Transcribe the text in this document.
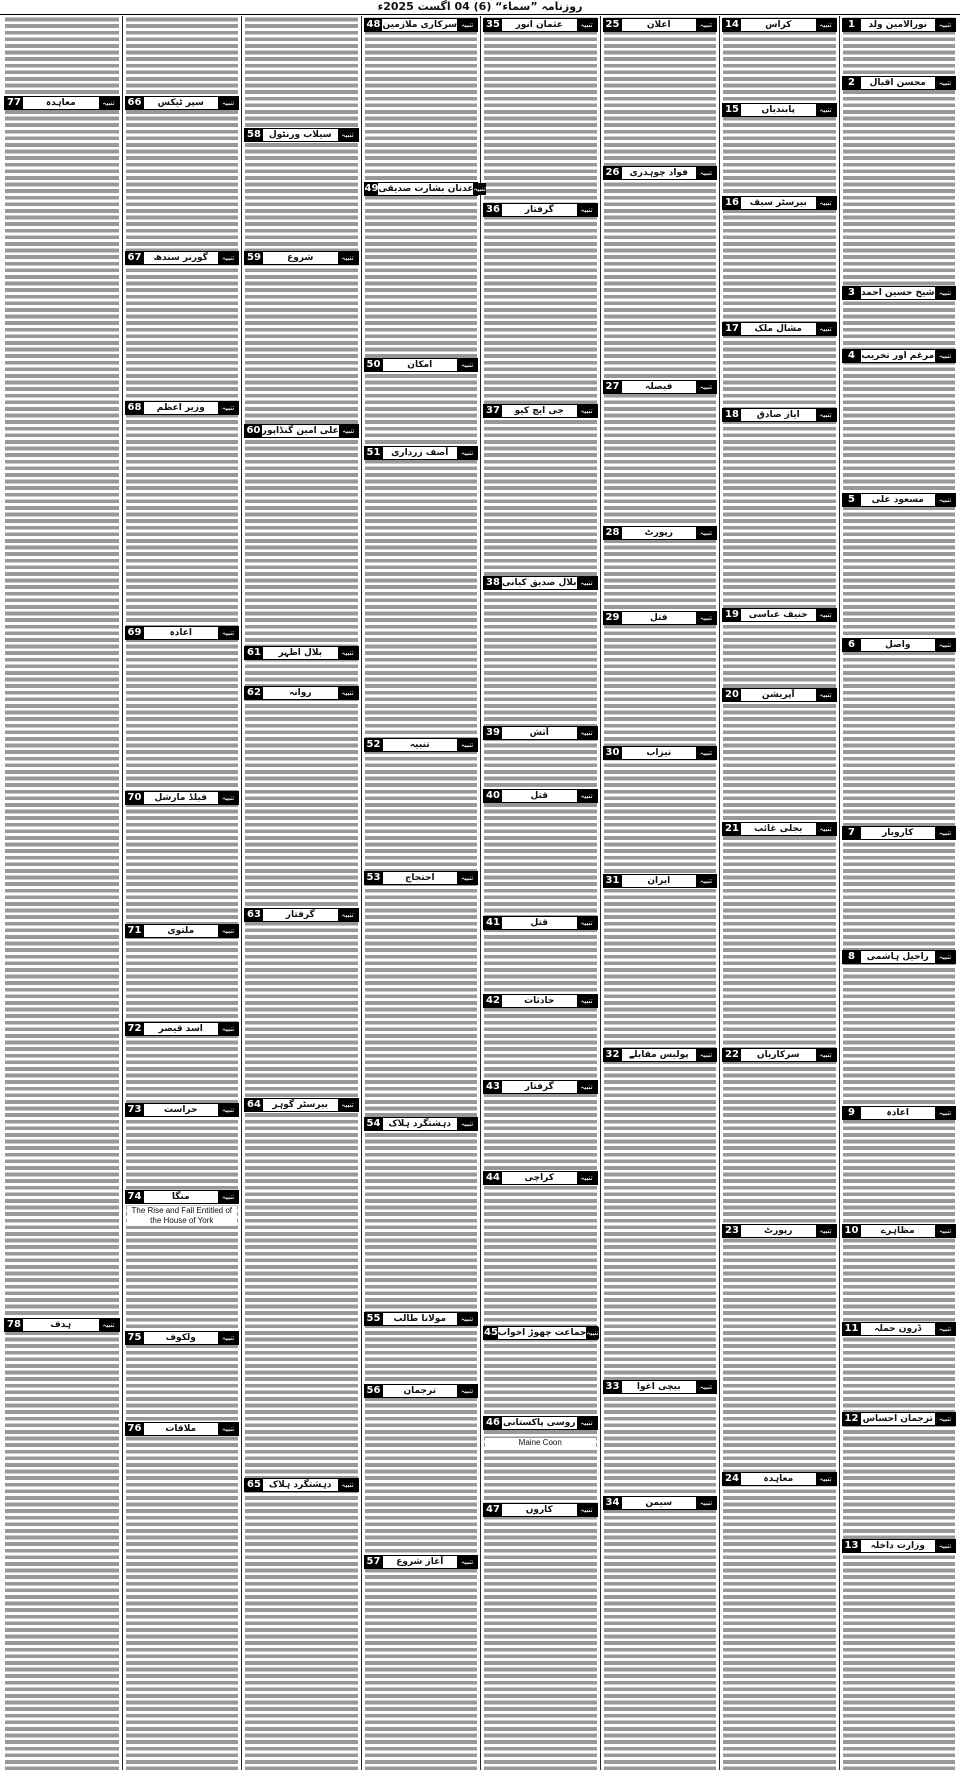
روزنامہ ”سماء“ (6) 04 اگست 2025ء
1	نورالامین ولد	تنبیہ
2	محسن اقبال	تنبیہ
3 شیخ حسین احمد تنبیہ
4 مرغم اور تخریب تنبیہ
5	مسعود علی	تنبیہ
6	واصل	تنبیہ
7	کاروبار	تنبیہ
8	راحیل ہاشمی	تنبیہ
9	اعادہ	تنبیہ
10	مظاہرے	تنبیہ
11	ڈرون حملہ	تنبیہ
12 ترجمان احساس تنبیہ
13	وزارت داخلہ	تنبیہ
14	کراس	تنبیہ
15	پابندیاں	تنبیہ
16	بیرسٹر سیف	تنبیہ
17	مشال ملک	تنبیہ
18	ایاز صادق	تنبیہ
19	حنیف عباسی	تنبیہ
20	آپریشن	تنبیہ
21	بجلی غائب	تنبیہ
22	سرکاریاں	تنبیہ
23	رپورٹ	تنبیہ
24	معاہدہ	تنبیہ
25	اعلان	تنبیہ
26	فواد چوہدری	تنبیہ
27	فیصلہ	تنبیہ
28	رپورٹ	تنبیہ
29	قتل	تنبیہ
30	تیزاب	تنبیہ
31	ایران	تنبیہ
32	پولیس مقابلے	تنبیہ
33	بیچی اغوا	تنبیہ
34	سیمن	تنبیہ
35	عثمان انور	تنبیہ
36	گرفتار	تنبیہ
37	جی ایچ کیو	تنبیہ
38 بلال صدیق کیانی تنبیہ
39	آتش	تنبیہ
40	قتل	تنبیہ
41	قتل	تنبیہ
42	حادثات	تنبیہ
43	گرفتار	تنبیہ
44	کراچی	تنبیہ
45 جماعت چھوڑ اخواب تنبیہ
46 روسی پاکستانی تنبیہ
47	کاروں	تنبیہ
Maine Coon
48 سرکاری ملازمین تنبیہ
49 عدنان بشارت صدیقی تنبیہ
50	امکان	تنبیہ
51	آصف زرداری	تنبیہ
52	تنبیہ	تنبیہ
53	احتجاج	تنبیہ
54 دہشتگرد ہلاک	تنبیہ
55	مولانا طالب	تنبیہ
56	ترجمان	تنبیہ
57	آغاز شروع	تنبیہ
58 سیلاب ورنٹول	تنبیہ
59	شروع	تنبیہ
60 علی امین گنڈاپور تنبیہ
61	بلال اظہر	تنبیہ
62	روانہ	تنبیہ
63	گرفتار	تنبیہ
64	بیرسٹر گوہر	تنبیہ
65 دہشتگرد ہلاک	تنبیہ
66	سپر ٹیکس	تنبیہ
67	گورنر سندھ	تنبیہ
68	وزیر اعظم	تنبیہ
69	اعادہ	تنبیہ
70	فیلڈ مارشل	تنبیہ
71	ملتوی	تنبیہ
72	اسد قیصر	تنبیہ
73	حراست	تنبیہ
74	منگا	تنبیہ
75	ولکوف	تنبیہ
76	ملاقات	تنبیہ
The Rise and Fall Entitled of the House of York
77	معاہدہ	تنبیہ
78	ہدف	تنبیہ
